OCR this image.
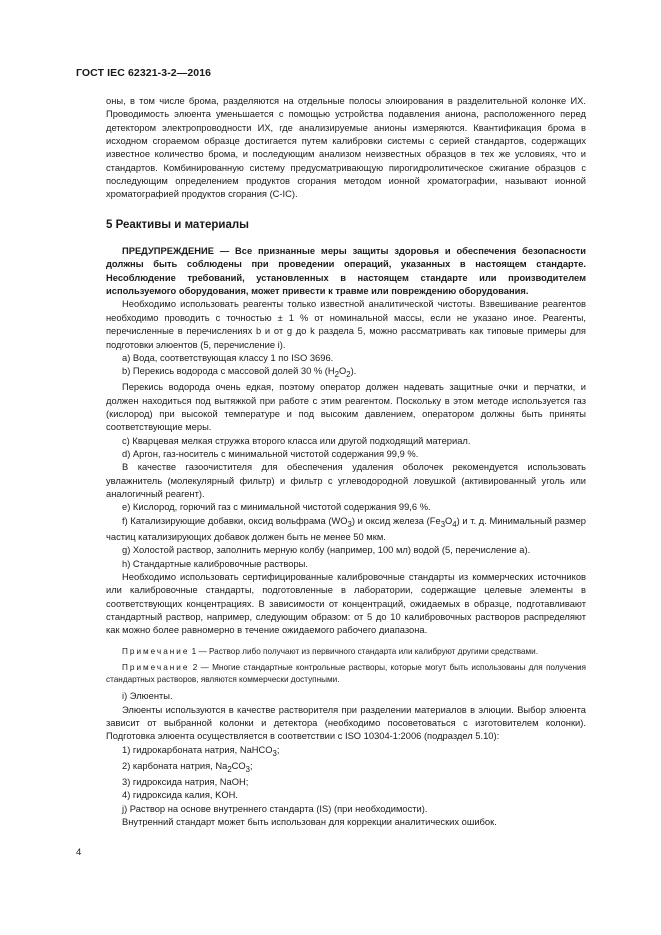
ГОСТ IEC 62321-3-2—2016

оны, в том числе брома, разделяются на отдельные полосы элюирования в разделительной колонке ИХ. Проводимость элюента уменьшается с помощью устройства подавления аниона, расположенного перед детектором электропроводности ИХ, где анализируемые анионы измеряются. Квантификация брома в исходном сгораемом образце достигается путем калибровки системы с серией стандартов, содержащих известное количество брома, и последующим анализом неизвестных образцов в тех же условиях, что и стандартов. Комбинированную систему предусматривающую пирогидролитическое сжигание образцов с последующим определением продуктов сгорания методом ионной хроматографии, называют ионной хроматографией продуктов сгорания (C-IC).

5 Реактивы и материалы

ПРЕДУПРЕЖДЕНИЕ — Все признанные меры защиты здоровья и обеспечения безопасности должны быть соблюдены при проведении операций, указанных в настоящем стандарте. Несоблюдение требований, установленных в настоящем стандарте или производителем используемого оборудования, может привести к травме или повреждению оборудования.

Необходимо использовать реагенты только известной аналитической чистоты. Взвешивание реагентов необходимо проводить с точностью ± 1 % от номинальной массы, если не указано иное. Реагенты, перечисленные в перечислениях b и от g до k раздела 5, можно рассматривать как типовые примеры для подготовки элюентов (5, перечисление i).

a) Вода, соответствующая классу 1 по ISO 3696.

b) Перекись водорода с массовой долей 30 % $(H_2O_2)$.

Перекись водорода очень едкая, поэтому оператор должен надевать защитные очки и перчатки, и должен находиться под вытяжкой при работе с этим реагентом. Поскольку в этом методе используется газ (кислород) при высокой температуре и под высоким давлением, оператором должны быть приняты соответствующие меры.

c) Кварцевая мелкая стружка второго класса или другой подходящий материал.

d) Аргон, газ-носитель с минимальной чистотой содержания 99,9 %.

В качестве газоочистителя для обеспечения удаления оболочек рекомендуется использовать увлажнитель (молекулярный фильтр) и фильтр с углеводородной ловушкой (активированный уголь или аналогичный реагент).

e) Кислород, горючий газ с минимальной чистотой содержания 99,6 %.

f) Катализирующие добавки, оксид вольфрама $(WO_3)$ и оксид железа $(Fe_3O_4)$ и т. д. Минимальный размер частиц катализирующих добавок должен быть не менее 50 мкм.

g) Холостой раствор, заполнить мерную колбу (например, 100 мл) водой (5, перечисление а).

h) Стандартные калибровочные растворы.

Необходимо использовать сертифицированные калибровочные стандарты из коммерческих источников или калибровочные стандарты, подготовленные в лаборатории, содержащие целевые элементы в соответствующих концентрациях. В зависимости от концентраций, ожидаемых в образце, подготавливают стандартный раствор, например, следующим образом: от 5 до 10 калибровочных растворов распределяют как можно более равномерно в течение ожидаемого рабочего диапазона.

Примечание 1 — Раствор либо получают из первичного стандарта или калибруют другими средствами.

Примечание 2 — Многие стандартные контрольные растворы, которые могут быть использованы для получения стандартных растворов, являются коммерчески доступными.

i) Элюенты.

Элюенты используются в качестве растворителя при разделении материалов в элюции. Выбор элюента зависит от выбранной колонки и детектора (необходимо посоветоваться с изготовителем колонки). Подготовка элюента осуществляется в соответствии с ISO 10304-1:2006 (подраздел 5.10):

1) гидрокарбоната натрия, NaHCO$_3$;

2) карбоната натрия, $Na_2CO_3$;

3) гидроксида натрия, NaOH;

4) гидроксида калия, KOH.

j) Раствор на основе внутреннего стандарта (IS) (при необходимости).

Внутренний стандарт может быть использован для коррекции аналитических ошибок.

4
